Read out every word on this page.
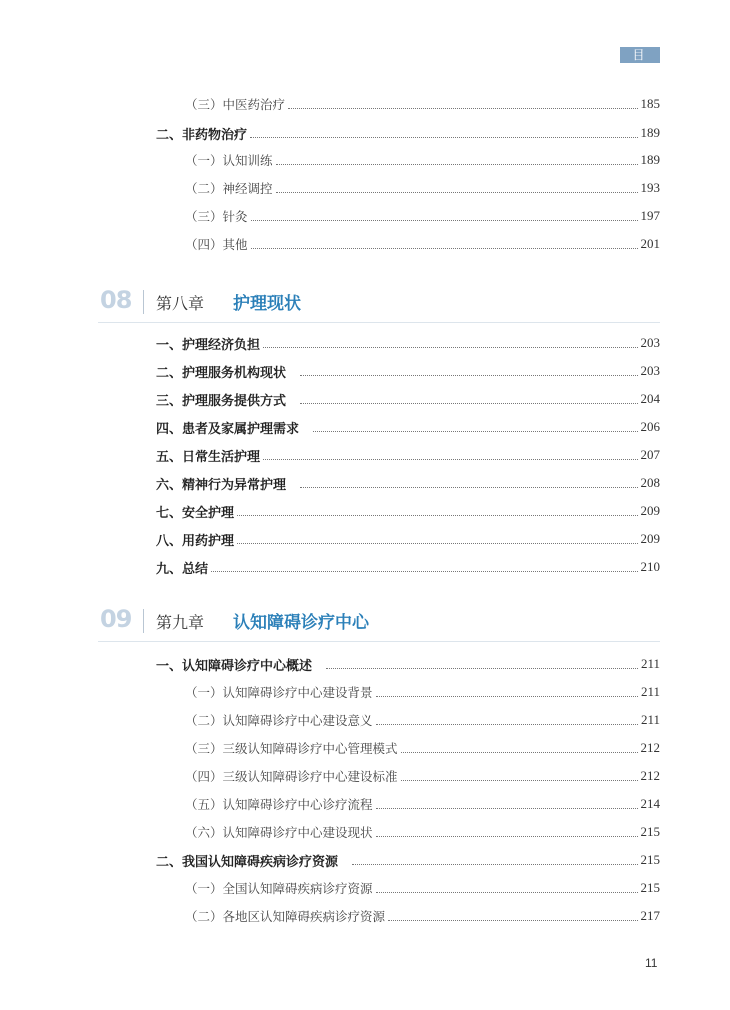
目 录
（三）中医药治疗	185
二、非药物治疗	189
（一）认知训练	189
（二）神经调控	193
（三）针灸	197
（四）其他	201
08 第八章 护理现状
一、护理经济负担	203
二、护理服务机构现状	203
三、护理服务提供方式	204
四、患者及家属护理需求	206
五、日常生活护理	207
六、精神行为异常护理	208
七、安全护理	209
八、用药护理	209
九、总结	210
09 第九章 认知障碍诊疗中心
一、认知障碍诊疗中心概述	211
（一）认知障碍诊疗中心建设背景	211
（二）认知障碍诊疗中心建设意义	211
（三）三级认知障碍诊疗中心管理模式	212
（四）三级认知障碍诊疗中心建设标准	212
（五）认知障碍诊疗中心诊疗流程	214
（六）认知障碍诊疗中心建设现状	215
二、我国认知障碍疾病诊疗资源	215
（一）全国认知障碍疾病诊疗资源	215
（二）各地区认知障碍疾病诊疗资源	217
11
